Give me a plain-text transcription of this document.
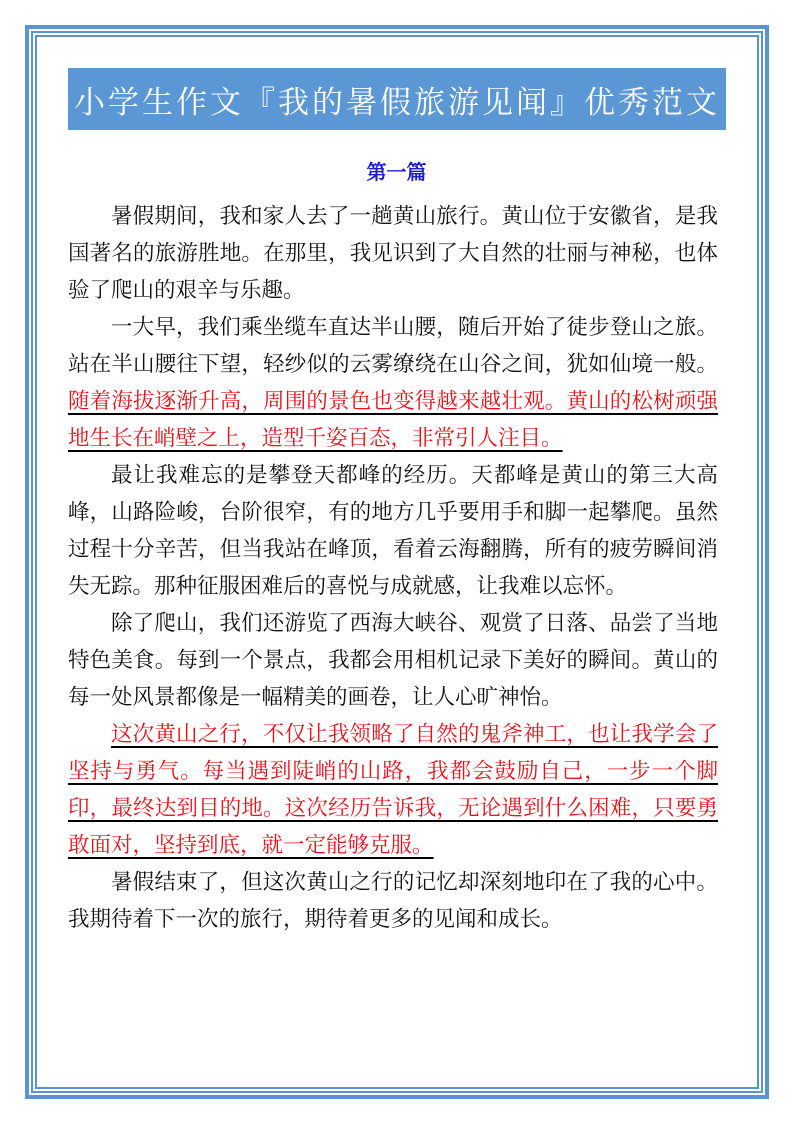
小学生作文『我的暑假旅游见闻』优秀范文
第一篇

暑假期间，我和家人去了一趟黄山旅行。黄山位于安徽省，是我国著名的旅游胜地。在那里，我见识到了大自然的壮丽与神秘，也体验了爬山的艰辛与乐趣。

一大早，我们乘坐缆车直达半山腰，随后开始了徒步登山之旅。站在半山腰往下望，轻纱似的云雾缭绕在山谷之间，犹如仙境一般。随着海拔逐渐升高，周围的景色也变得越来越壮观。黄山的松树顽强地生长在峭壁之上，造型千姿百态，非常引人注目。

最让我难忘的是攀登天都峰的经历。天都峰是黄山的第三大高峰，山路险峻，台阶很窄，有的地方几乎要用手和脚一起攀爬。虽然过程十分辛苦，但当我站在峰顶，看着云海翻腾，所有的疲劳瞬间消失无踪。那种征服困难后的喜悦与成就感，让我难以忘怀。

除了爬山，我们还游览了西海大峡谷、观赏了日落、品尝了当地特色美食。每到一个景点，我都会用相机记录下美好的瞬间。黄山的每一处风景都像是一幅精美的画卷，让人心旷神怡。

这次黄山之行，不仅让我领略了自然的鬼斧神工，也让我学会了坚持与勇气。每当遇到陡峭的山路，我都会鼓励自己，一步一个脚印，最终达到目的地。这次经历告诉我，无论遇到什么困难，只要勇敢面对，坚持到底，就一定能够克服。

暑假结束了，但这次黄山之行的记忆却深刻地印在了我的心中。我期待着下一次的旅行，期待着更多的见闻和成长。
